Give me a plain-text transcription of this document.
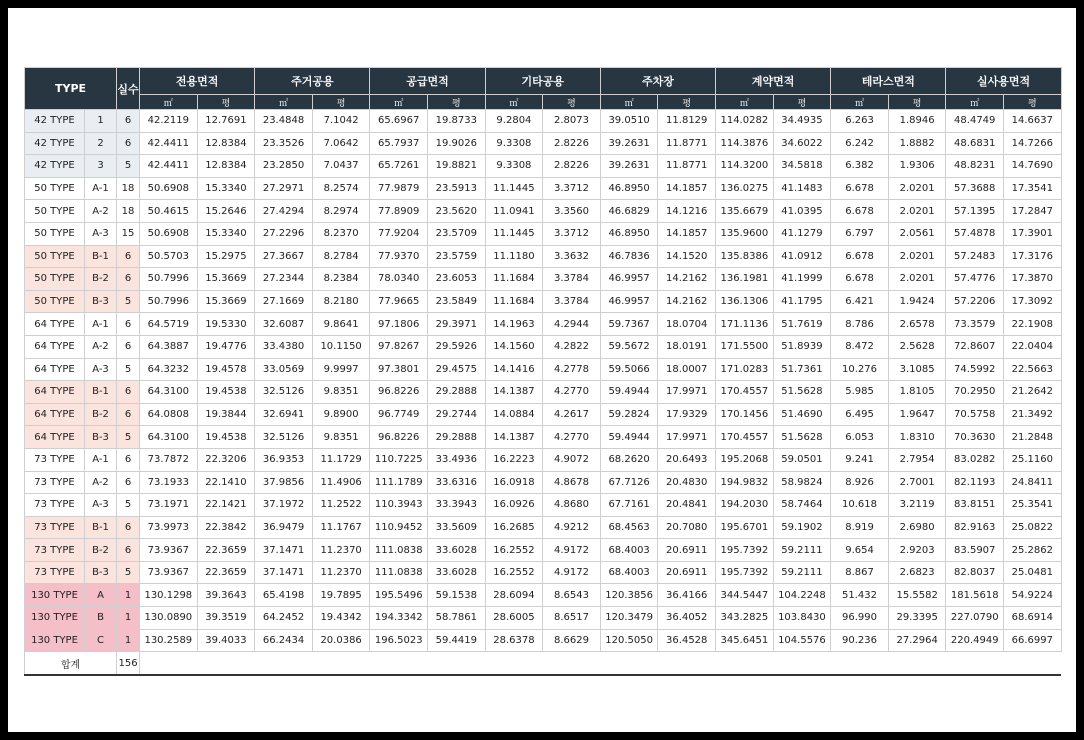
TYPE		실수	전용면적		주거공용		공급면적		기타공용		주차장		계약면적		테라스면적		실사용면적	
			㎡	평	㎡	평	㎡	평	㎡	평	㎡	평	㎡	평	㎡	평	㎡	평
42 TYPE	1	6	42.2119	12.7691	23.4848	7.1042	65.6967	19.8733	9.2804	2.8073	39.0510	11.8129	114.0282	34.4935	6.263	1.8946	48.4749	14.6637
42 TYPE	2	6	42.4411	12.8384	23.3526	7.0642	65.7937	19.9026	9.3308	2.8226	39.2631	11.8771	114.3876	34.6022	6.242	1.8882	48.6831	14.7266
42 TYPE	3	5	42.4411	12.8384	23.2850	7.0437	65.7261	19.8821	9.3308	2.8226	39.2631	11.8771	114.3200	34.5818	6.382	1.9306	48.8231	14.7690
50 TYPE	A-1	18	50.6908	15.3340	27.2971	8.2574	77.9879	23.5913	11.1445	3.3712	46.8950	14.1857	136.0275	41.1483	6.678	2.0201	57.3688	17.3541
50 TYPE	A-2	18	50.4615	15.2646	27.4294	8.2974	77.8909	23.5620	11.0941	3.3560	46.6829	14.1216	135.6679	41.0395	6.678	2.0201	57.1395	17.2847
50 TYPE	A-3	15	50.6908	15.3340	27.2296	8.2370	77.9204	23.5709	11.1445	3.3712	46.8950	14.1857	135.9600	41.1279	6.797	2.0561	57.4878	17.3901
50 TYPE	B-1	6	50.5703	15.2975	27.3667	8.2784	77.9370	23.5759	11.1180	3.3632	46.7836	14.1520	135.8386	41.0912	6.678	2.0201	57.2483	17.3176
50 TYPE	B-2	6	50.7996	15.3669	27.2344	8.2384	78.0340	23.6053	11.1684	3.3784	46.9957	14.2162	136.1981	41.1999	6.678	2.0201	57.4776	17.3870
50 TYPE	B-3	5	50.7996	15.3669	27.1669	8.2180	77.9665	23.5849	11.1684	3.3784	46.9957	14.2162	136.1306	41.1795	6.421	1.9424	57.2206	17.3092
64 TYPE	A-1	6	64.5719	19.5330	32.6087	9.8641	97.1806	29.3971	14.1963	4.2944	59.7367	18.0704	171.1136	51.7619	8.786	2.6578	73.3579	22.1908
64 TYPE	A-2	6	64.3887	19.4776	33.4380	10.1150	97.8267	29.5926	14.1560	4.2822	59.5672	18.0191	171.5500	51.8939	8.472	2.5628	72.8607	22.0404
64 TYPE	A-3	5	64.3232	19.4578	33.0569	9.9997	97.3801	29.4575	14.1416	4.2778	59.5066	18.0007	171.0283	51.7361	10.276	3.1085	74.5992	22.5663
64 TYPE	B-1	6	64.3100	19.4538	32.5126	9.8351	96.8226	29.2888	14.1387	4.2770	59.4944	17.9971	170.4557	51.5628	5.985	1.8105	70.2950	21.2642
64 TYPE	B-2	6	64.0808	19.3844	32.6941	9.8900	96.7749	29.2744	14.0884	4.2617	59.2824	17.9329	170.1456	51.4690	6.495	1.9647	70.5758	21.3492
64 TYPE	B-3	5	64.3100	19.4538	32.5126	9.8351	96.8226	29.2888	14.1387	4.2770	59.4944	17.9971	170.4557	51.5628	6.053	1.8310	70.3630	21.2848
73 TYPE	A-1	6	73.7872	22.3206	36.9353	11.1729	110.7225	33.4936	16.2223	4.9072	68.2620	20.6493	195.2068	59.0501	9.241	2.7954	83.0282	25.1160
73 TYPE	A-2	6	73.1933	22.1410	37.9856	11.4906	111.1789	33.6316	16.0918	4.8678	67.7126	20.4830	194.9832	58.9824	8.926	2.7001	82.1193	24.8411
73 TYPE	A-3	5	73.1971	22.1421	37.1972	11.2522	110.3943	33.3943	16.0926	4.8680	67.7161	20.4841	194.2030	58.7464	10.618	3.2119	83.8151	25.3541
73 TYPE	B-1	6	73.9973	22.3842	36.9479	11.1767	110.9452	33.5609	16.2685	4.9212	68.4563	20.7080	195.6701	59.1902	8.919	2.6980	82.9163	25.0822
73 TYPE	B-2	6	73.9367	22.3659	37.1471	11.2370	111.0838	33.6028	16.2552	4.9172	68.4003	20.6911	195.7392	59.2111	9.654	2.9203	83.5907	25.2862
73 TYPE	B-3	5	73.9367	22.3659	37.1471	11.2370	111.0838	33.6028	16.2552	4.9172	68.4003	20.6911	195.7392	59.2111	8.867	2.6823	82.8037	25.0481
130 TYPE	A	1	130.1298	39.3643	65.4198	19.7895	195.5496	59.1538	28.6094	8.6543	120.3856	36.4166	344.5447	104.2248	51.432	15.5582	181.5618	54.9224
130 TYPE	B	1	130.0890	39.3519	64.2452	19.4342	194.3342	58.7861	28.6005	8.6517	120.3479	36.4052	343.2825	103.8430	96.990	29.3395	227.0790	68.6914
130 TYPE	C	1	130.2589	39.4033	66.2434	20.0386	196.5023	59.4419	28.6378	8.6629	120.5050	36.4528	345.6451	104.5576	90.236	27.2964	220.4949	66.6997
합계		156																
